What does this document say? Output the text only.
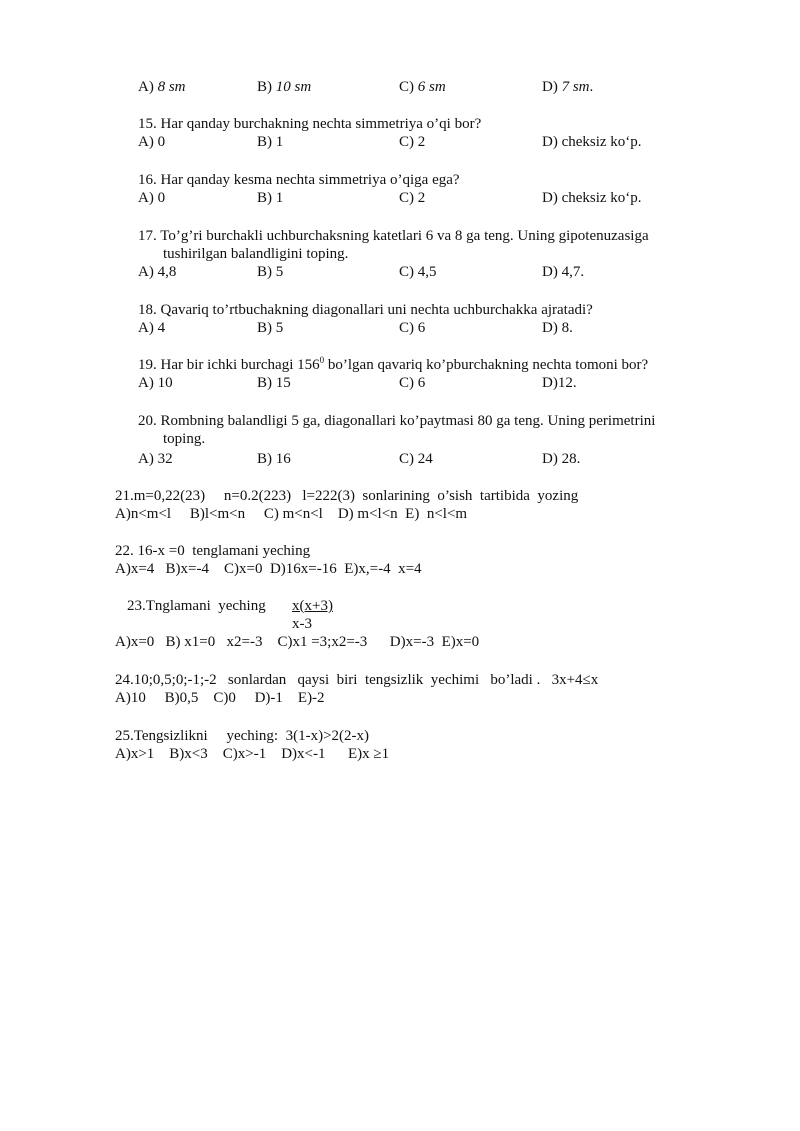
A) 8 sm	B) 10 sm	C) 6 sm	D) 7 sm.
15. Har qanday burchakning nechta simmetriya o’qi bor?
A) 0	B) 1	C) 2	D) cheksiz ko‘p.
16. Har qanday kesma nechta simmetriya o’qiga ega?
A) 0	B) 1	C) 2	D) cheksiz ko‘p.
17. To’g’ri burchakli uchburchaksning katetlari 6 va 8 ga teng. Uning gipotenuzasiga
tushirilgan balandligini toping.
A) 4,8	B) 5	C) 4,5	D) 4,7.
18. Qavariq to’rtbuchakning diagonallari uni nechta uchburchakka ajratadi?
A) 4	B) 5	C) 6	D) 8.
19. Har bir ichki burchagi $156^0$ bo’lgan qavariq ko’pburchakning nechta tomoni bor?
A) 10	B) 15	C) 6	D)12.
20. Rombning balandligi 5 ga, diagonallari ko’paytmasi 80 ga teng. Uning perimetrini
toping.
A) 32	B) 16	C) 24	D) 28.
21.m=0,22(23)     n=0.2(223)   l=222(3)  sonlarining  o’sish  tartibida  yozing
A)n<m<l     B)l<m<n     C) m<n<l    D) m<l<n  E)  n<l<m
22. 16-x =0  tenglamani yeching
A)x=4   B)x=-4    C)x=0  D)16x=-16  E)x,=-4  x=4
23.Tnglamani  yeching x(x+3)
x-3
A)x=0   B) x1=0   x2=-3    C)x1 =3;x2=-3      D)x=-3  E)x=0
24.10;0,5;0;-1;-2   sonlardan   qaysi  biri  tengsizlik  yechimi   bo’ladi .   3x+4≤x
A)10     B)0,5    C)0     D)-1    E)-2
25.Tengsizlikni     yeching:  3(1-x)>2(2-x)
A)x>1    B)x<3    C)x>-1    D)x<-1      E)x ≥1
